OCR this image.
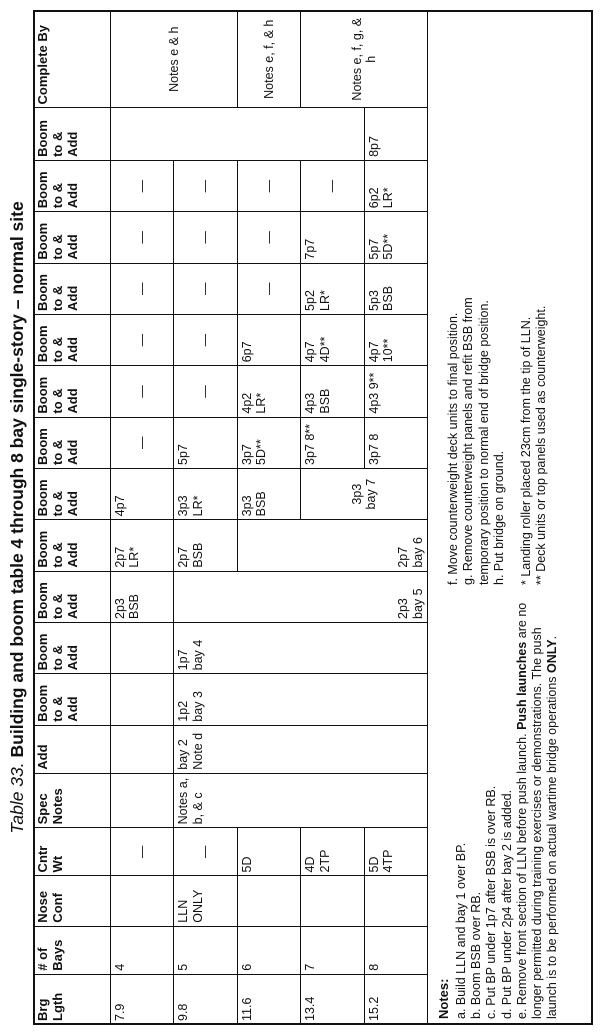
Table 33. Building and boom table 4 through 8 bay single-story – normal site
Brg Lgth	# of Bays	Nose Conf	Cntr Wt	Spec Notes	Add	Boom to & Add	Boom to & Add	Boom to & Add	Boom to & Add	Boom to & Add	Boom to & Add	Boom to & Add	Boom to & Add	Boom to & Add	Boom to & Add	Boom to & Add	Boom to & Add	Complete By
7.9	4		—					2p3 BSB	2p7 LR*	4p7	—	—	—	—	—	—		Notes e & h
9.8	5	LLN ONLY	—	Notes a, b, & c	bay 2 Note d	1p2 bay 3	1p7 bay 4	2p3 bay 5	2p7 BSB	3p3 LR*	5p7	—	—	—	—	—		
11.6	6		5D						2p7 bay 6	3p3 BSB	3p7 5D**	4p2 LR*	6p7	—	—	—		Notes e, f, & h
13.4	7		4D 2TP							3p3 bay 7	3p7 8**	4p3 BSB	4p7 4D**	5p2 LR*	7p7	—		Notes e, f, g, & h
15.2	8		5D 4TP								3p7 8	4p3 9**	4p7 10**	5p3 BSB	5p7 5D**	6p2 LR*	8p7	
Notes: a. Build LLN and bay 1 over BP. b. Boom BSB over RB. c. Put BP under 1p7 after BSB is over RB. d. Put BP under 2p4 after bay 2 is added. e. Remove front section of LLN before push launch. Push launches are no longer permitted during training exercises or demonstrations. The push launch is to be performed on actual wartime bridge operations ONLY.

f. Move counterweight deck units to final position. g. Remove counterweight panels and refit BSB from temporary position to normal end of bridge position. h. Put bridge on ground. * Landing roller placed 23cm from the tip of LLN. ** Deck units or top panels used as counterweight.
